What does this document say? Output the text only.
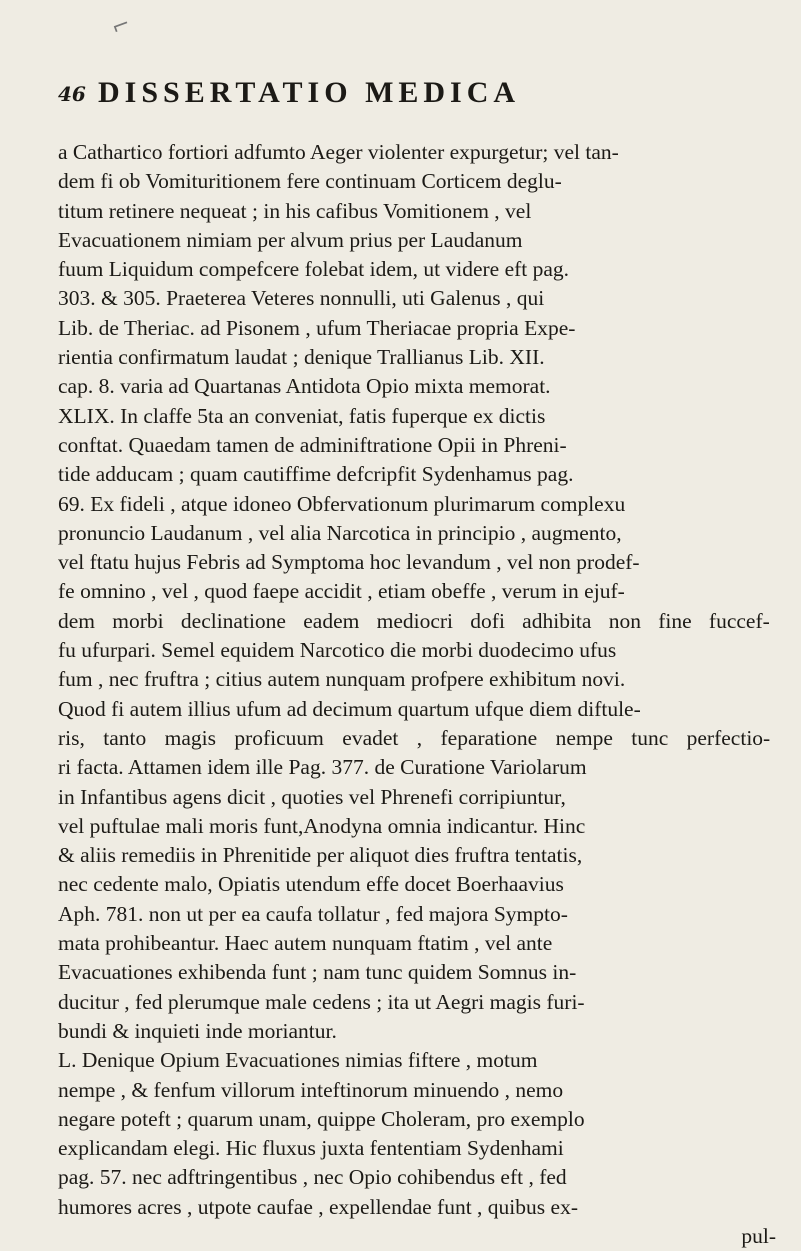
⌐
46 DISSERTATIO MEDICA
a Cathartico fortiori adfumto Aeger violenter expurgetur; vel tan-
dem fi ob Vomituritionem fere continuam Corticem deglu-
titum retinere nequeat ; in his cafibus Vomitionem , vel
Evacuationem nimiam per alvum prius per Laudanum
fuum Liquidum compefcere folebat idem, ut videre eft pag.
303. & 305. Praeterea Veteres nonnulli, uti Galenus , qui
Lib. de Theriac. ad Pisonem , ufum Theriacae propria Expe-
rientia confirmatum laudat ; denique Trallianus Lib. XII.
cap. 8. varia ad Quartanas Antidota Opio mixta memorat.
XLIX. In claffe 5ta an conveniat, fatis fuperque ex dictis
conftat. Quaedam tamen de adminiftratione Opii in Phreni-
tide adducam ; quam cautiffime defcripfit Sydenhamus pag.
69. Ex fideli , atque idoneo Obfervationum plurimarum complexu
pronuncio Laudanum , vel alia Narcotica in principio , augmento,
vel ftatu hujus Febris ad Symptoma hoc levandum , vel non prodef-
fe omnino , vel , quod faepe accidit , etiam obeffe , verum in ejuf-
dem morbi declinatione eadem mediocri dofi adhibita non fine fuccef-
fu ufurpari. Semel equidem Narcotico die morbi duodecimo ufus
fum , nec fruftra ; citius autem nunquam profpere exhibitum novi.
Quod fi autem illius ufum ad decimum quartum ufque diem diftule-
ris, tanto magis proficuum evadet , feparatione nempe tunc perfectio-
ri facta. Attamen idem ille Pag. 377. de Curatione Variolarum
in Infantibus agens dicit , quoties vel Phrenefi corripiuntur,
vel puftulae mali moris funt,Anodyna omnia indicantur. Hinc
& aliis remediis in Phrenitide per aliquot dies fruftra tentatis,
nec cedente malo, Opiatis utendum effe docet Boerhaavius
Aph. 781. non ut per ea caufa tollatur , fed majora Sympto-
mata prohibeantur. Haec autem nunquam ftatim , vel ante
Evacuationes exhibenda funt ; nam tunc quidem Somnus in-
ducitur , fed plerumque male cedens ; ita ut Aegri magis furi-
bundi & inquieti inde moriantur.
L. Denique Opium Evacuationes nimias fiftere , motum
nempe , & fenfum villorum inteftinorum minuendo , nemo
negare poteft ; quarum unam, quippe Choleram, pro exemplo
explicandam elegi. Hic fluxus juxta fententiam Sydenhami
pag. 57. nec adftringentibus , nec Opio cohibendus eft , fed
humores acres , utpote caufae , expellendae funt , quibus ex-
pul-
